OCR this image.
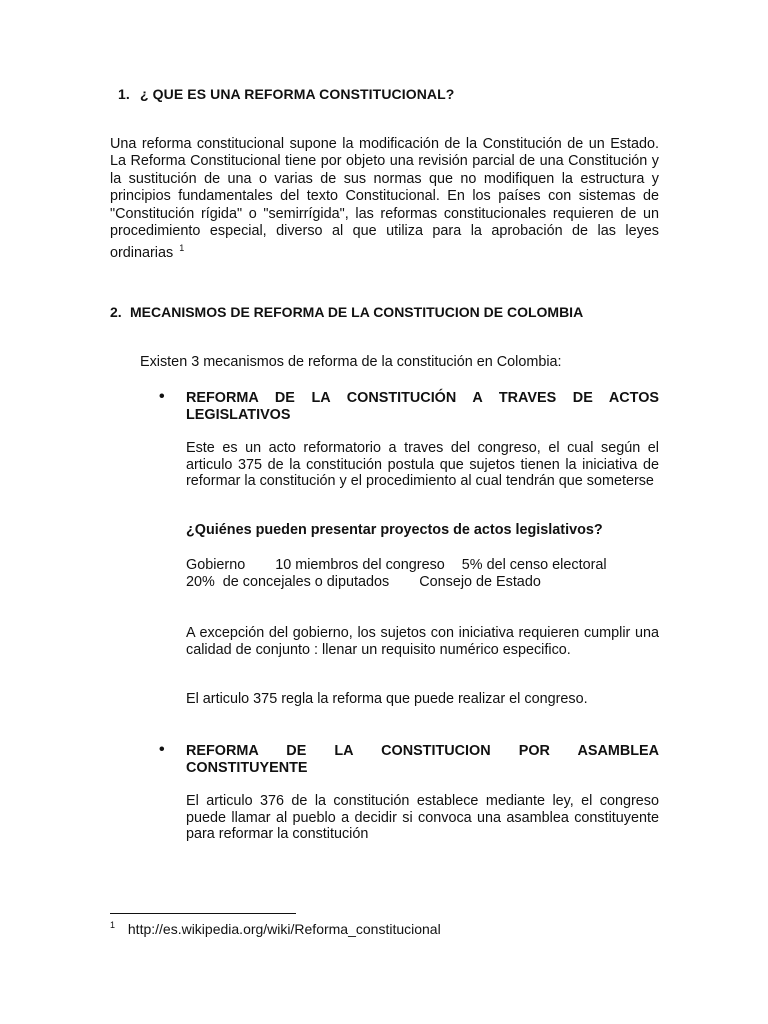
1. ¿ QUE ES UNA REFORMA CONSTITUCIONAL?
Una reforma constitucional supone la modificación de la Constitución de un Estado. La Reforma Constitucional tiene por objeto una revisión parcial de una Constitución y la sustitución de una o varias de sus normas que no modifiquen la estructura y principios fundamentales del texto Constitucional. En los países con sistemas de "Constitución rígida" o "semirrígida", las reformas constitucionales requieren de un procedimiento especial, diverso al que utiliza para la aprobación de las leyes ordinarias $^1$
2. MECANISMOS DE REFORMA DE LA CONSTITUCION DE COLOMBIA
Existen 3 mecanismos de reforma de la constitución en Colombia:
• REFORMA DE LA CONSTITUCIÓN A TRAVES DE ACTOS LEGISLATIVOS
Este es un acto reformatorio a traves del congreso, el cual según el articulo 375 de la constitución postula que sujetos tienen la iniciativa de reformar la constitución y el procedimiento al cual tendrán que someterse
¿Quiénes pueden presentar proyectos de actos legislativos?
Gobierno 10 miembros del congreso 5% del censo electoral
20%  de concejales o diputados Consejo de Estado
A excepción del gobierno, los sujetos con iniciativa requieren cumplir una calidad de conjunto : llenar un requisito numérico especifico.
El articulo 375 regla la reforma que puede realizar el congreso.
• REFORMA DE LA CONSTITUCION POR ASAMBLEA CONSTITUYENTE
El articulo 376 de la constitución establece mediante ley, el congreso puede llamar al pueblo a decidir si convoca una asamblea constituyente para reformar la constitución
$^1$ http://es.wikipedia.org/wiki/Reforma_constitucional
